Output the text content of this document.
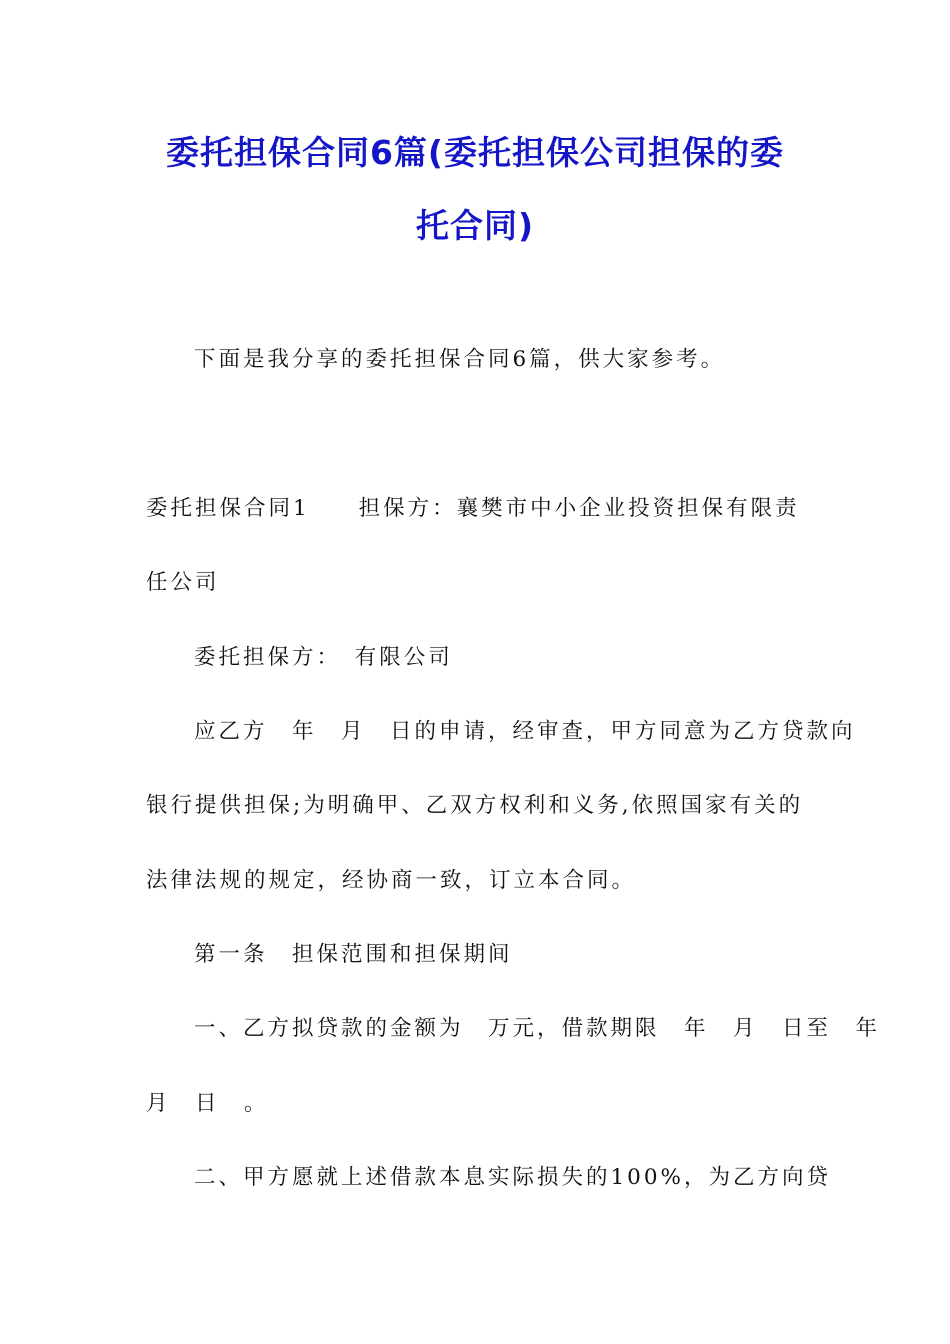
委托担保合同6篇(委托担保公司担保的委
托合同)
下面是我分享的委托担保合同6篇，供大家参考。
委托担保合同1　　担保方：襄樊市中小企业投资担保有限责
任公司
委托担保方：　有限公司
应乙方　年　月　日的申请，经审查，甲方同意为乙方贷款向
银行提供担保;为明确甲、乙双方权利和义务,依照国家有关的
法律法规的规定，经协商一致，订立本合同。
第一条　担保范围和担保期间
一、乙方拟贷款的金额为　万元，借款期限　年　月　日至　年
月　日　。
二、甲方愿就上述借款本息实际损失的100%，为乙方向贷
